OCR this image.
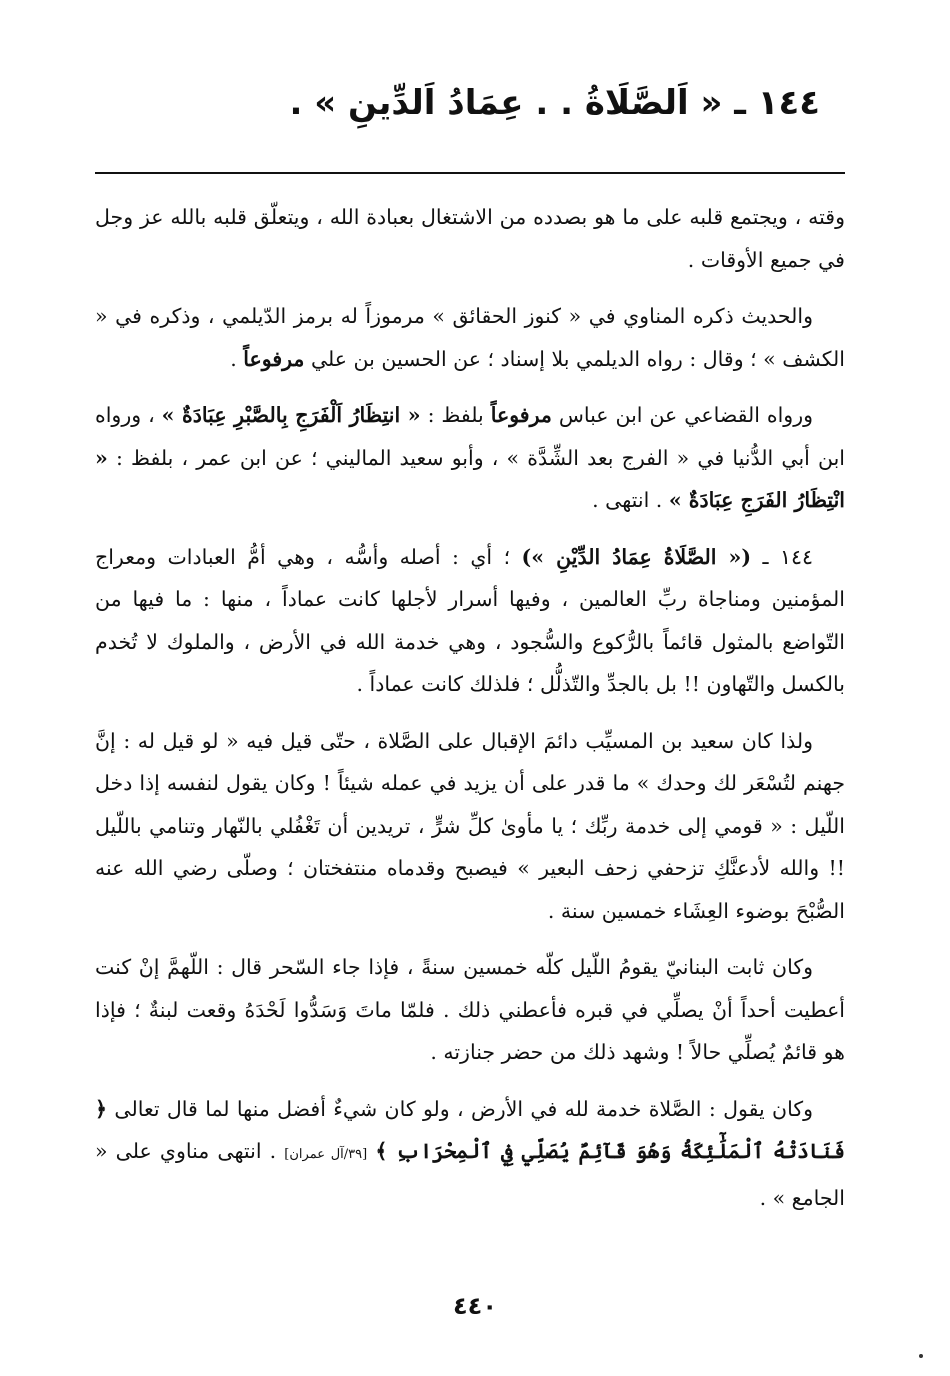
١٤٤ ـ « اَلصَّلَاةُ . . عِمَادُ اَلدِّينِ » .

وقته ، ويجتمع قلبه على ما هو بصدده من الاشتغال بعبادة الله ، ويتعلّق قلبه بالله عز وجل في جميع الأوقات .

والحديث ذكره المناوي في « كنوز الحقائق » مرموزاً له برمز الدّيلمي ، وذكره في « الكشف » ؛ وقال : رواه الديلمي بلا إسناد ؛ عن الحسين بن علي مرفوعاً .

ورواه القضاعي عن ابن عباس مرفوعاً بلفظ : « انتِظَارُ اَلْفَرَجِ بِالصَّبْرِ عِبَادَةٌ » ، ورواه ابن أبي الدُّنيا في « الفرج بعد الشِّدَّة » ، وأبو سعيد الماليني ؛ عن ابن عمر ، بلفظ : « انْتِظَارُ الفَرَجِ عِبَادَةٌ » . انتهى .

١٤٤ ـ (« الصَّلَاةُ عِمَادُ الدِّيْنِ ») ؛ أي : أصله وأسُّه ، وهي أمُّ العبادات ومعراج المؤمنين ومناجاة ربِّ العالمين ، وفيها أسرار لأجلها كانت عماداً ، منها : ما فيها من التّواضع بالمثول قائماً بالرُّكوع والسُّجود ، وهي خدمة الله في الأرض ، والملوك لا تُخدم بالكسل والتّهاون !! بل بالجدِّ والتّذلُّل ؛ فلذلك كانت عماداً .

ولذا كان سعيد بن المسيِّب دائمَ الإقبال على الصَّلاة ، حتّى قيل فيه « لو قيل له : إنَّ جهنم لتُسْعَر لك وحدك » ما قدر على أن يزيد في عمله شيئاً ! وكان يقول لنفسه إذا دخل اللّيل : « قومي إلى خدمة ربِّك ؛ يا مأوىٰ كلِّ شرٍّ ، تريدين أن تَغْفُلي بالنّهار وتنامي باللّيل !! والله لأدعنَّكِ تزحفي زحف البعير » فيصبح وقدماه منتفختان ؛ وصلّى رضي الله عنه الصُّبْحَ بوضوء العِشَاء خمسين سنة .

وكان ثابت البنانيّ يقومُ اللّيل كلّه خمسين سنةً ، فإذا جاء السّحر قال : اللّهمَّ إنْ كنت أعطيت أحداً أنْ يصلِّي في قبره فأعطني ذلك . فلمّا ماتَ وَسَدُّوا لَحْدَهُ وقعت لبنةٌ ؛ فإذا هو قائمٌ يُصلِّي حالاً ! وشهد ذلك من حضر جنازته .

وكان يقول : الصَّلاة خدمة لله في الأرض ، ولو كان شيءٌ أفضل منها لما قال تعالى ﴿ فَنَادَتْهُ ٱلْمَلَٰٓئِكَةُ وَهُوَ قَآئِمٌ يُصَلِّي فِي ٱلْمِحْرَابِ ﴾ [٣٩/آل عمران] . انتهى مناوي على « الجامع » .

٤٤٠
